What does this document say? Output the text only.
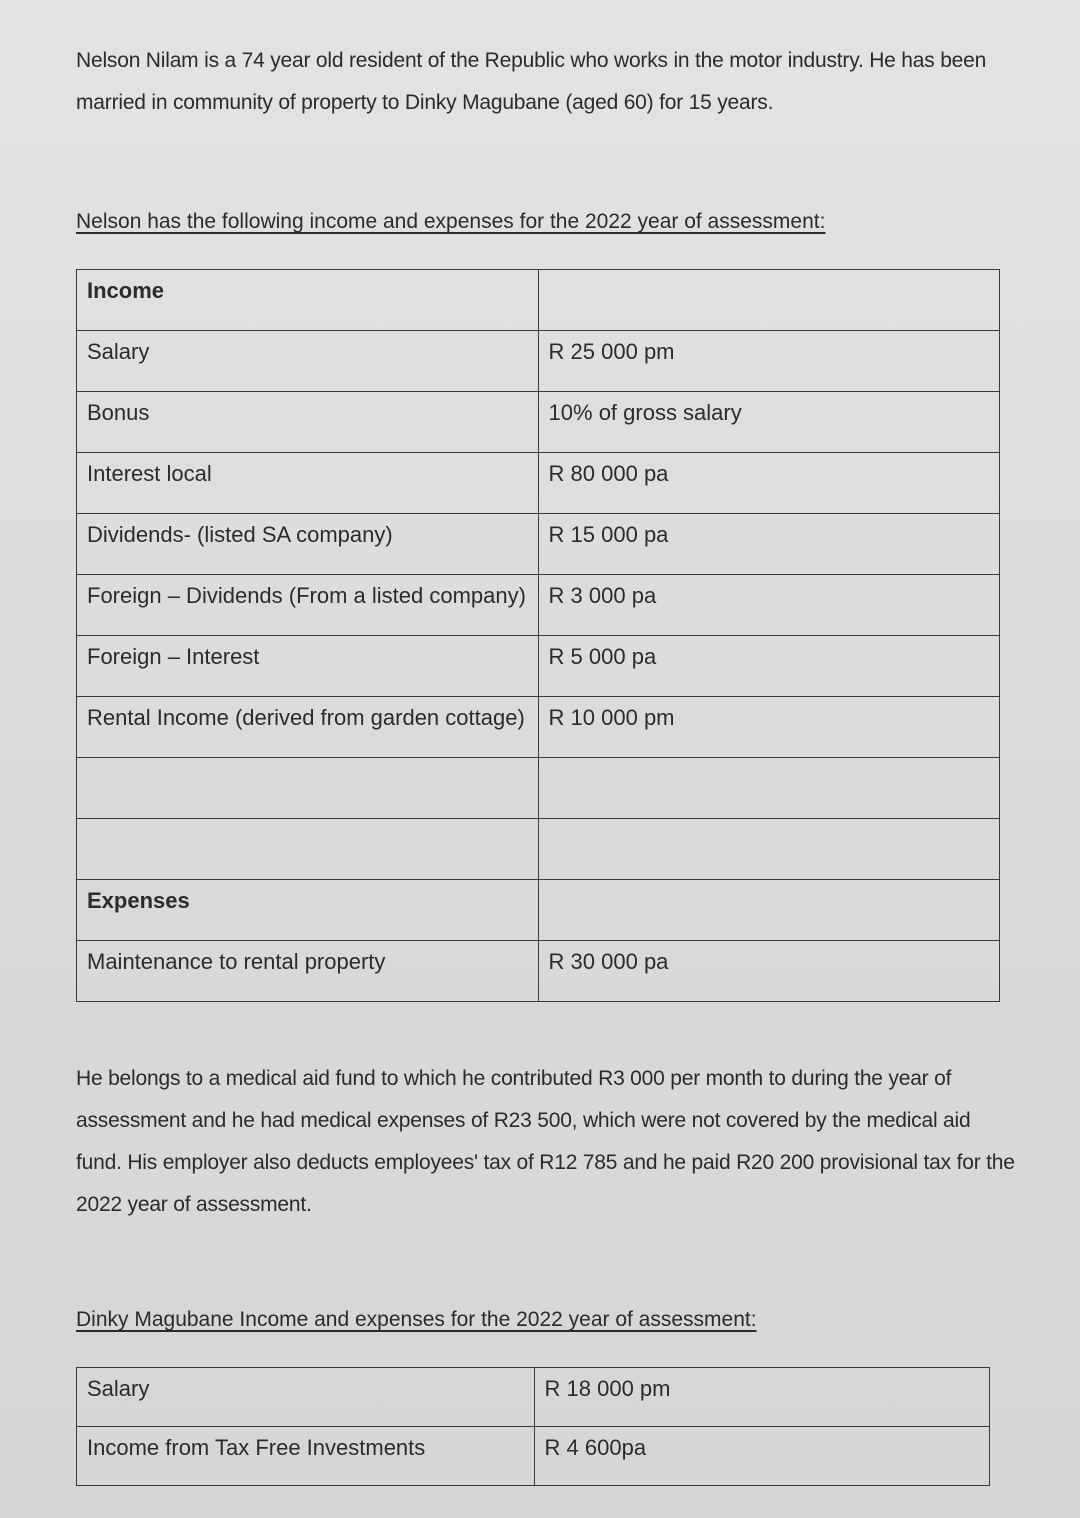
Nelson Nilam is a 74 year old resident of the Republic who works in the motor industry. He has been married in community of property to Dinky Magubane (aged 60) for 15 years.

Nelson has the following income and expenses for the 2022 year of assessment:
Income	
Salary	R 25 000 pm
Bonus	10% of gross salary
Interest local	R 80 000 pa
Dividends- (listed SA company)	R 15 000 pa
Foreign – Dividends (From a listed company)	R 3 000 pa
Foreign – Interest	R 5 000 pa
Rental Income (derived from garden cottage)	R 10 000 pm

Expenses	
Maintenance to rental property	R 30 000 pa

He belongs to a medical aid fund to which he contributed R3 000 per month to during the year of assessment and he had medical expenses of R23 500, which were not covered by the medical aid fund. His employer also deducts employees' tax of R12 785 and he paid R20 200 provisional tax for the 2022 year of assessment.

Dinky Magubane Income and expenses for the 2022 year of assessment:
Salary	R 18 000 pm
Income from Tax Free Investments	R 4 600pa
